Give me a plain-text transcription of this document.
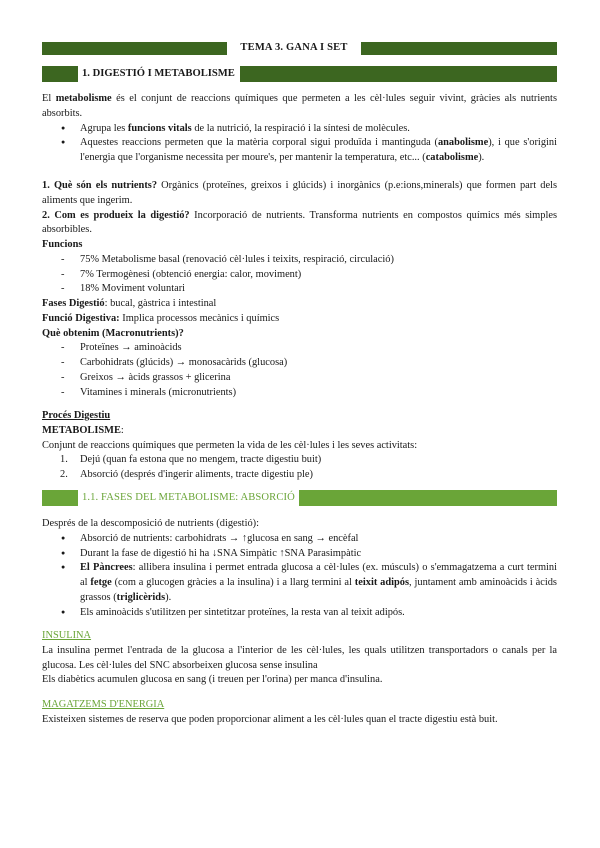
TEMA 3. GANA I SET
1. DIGESTIÓ I METABOLISME

El metabolisme és el conjunt de reaccions químiques que permeten a les cèl·lules seguir vivint, gràcies als nutrients absorbits.

● Agrupa les funcions vitals de la nutrició, la respiració i la síntesi de molècules.
● Aquestes reaccions permeten que la matèria corporal sigui produïda i mantinguda (anabolisme), i que s'origini l'energia que l'organisme necessita per moure's, per mantenir la temperatura, etc... (catabolisme).

1. Què són els nutrients? Orgànics (proteïnes, greixos i glúcids) i inorgànics (p.e:ions,minerals) que formen part dels aliments que ingerim.

2. Com es produeix la digestió? Incorporació de nutrients. Transforma nutrients en compostos químics més simples absorbibles.

Funcions

- 75% Metabolisme basal (renovació cèl·lules i teixits, respiració, circulació)
- 7% Termogènesi (obtenció energia: calor, moviment)
- 18% Moviment voluntari

Fases Digestió: bucal, gàstrica i intestinal

Funció Digestiva: Implica processos mecànics i químics

Què obtenim (Macronutrients)?

- Proteïnes → aminoàcids
- Carbohidrats (glúcids) → monosacàrids (glucosa)
- Greixos → àcids grassos + glicerina
- Vitamines i minerals (micronutrients)

Procés Digestiu

METABOLISME:

Conjunt de reaccions químiques que permeten la vida de les cèl·lules i les seves activitats:

1. Dejú (quan fa estona que no mengem, tracte digestiu buit)
2. Absorció (després d'ingerir aliments, tracte digestiu ple)
1.1. FASES DEL METABOLISME: ABSORCIÓ

Després de la descomposició de nutrients (digestió):

● Absorció de nutrients: carbohidrats → ↑glucosa en sang → encèfal
● Durant la fase de digestió hi ha ↓SNA Simpàtic ↑SNA Parasimpàtic
● El Pàncrees: allibera insulina i permet entrada glucosa a cèl·lules (ex. músculs) o s'emmagatzema a curt termini al fetge (com a glucogen gràcies a la insulina) i a llarg termini al teixit adipós, juntament amb aminoàcids i àcids grassos (triglicèrids).
● Els aminoàcids s'utilitzen per sintetitzar proteïnes, la resta van al teixit adipós.

INSULINA

La insulina permet l'entrada de la glucosa a l'interior de les cèl·lules, les quals utilitzen transportadors o canals per la glucosa. Les cèl·lules del SNC absorbeixen glucosa sense insulina

Els diabètics acumulen glucosa en sang (i treuen per l'orina) per manca d'insulina.

MAGATZEMS D'ENERGIA

Existeixen sistemes de reserva que poden proporcionar aliment a les cèl·lules quan el tracte digestiu està buit.
